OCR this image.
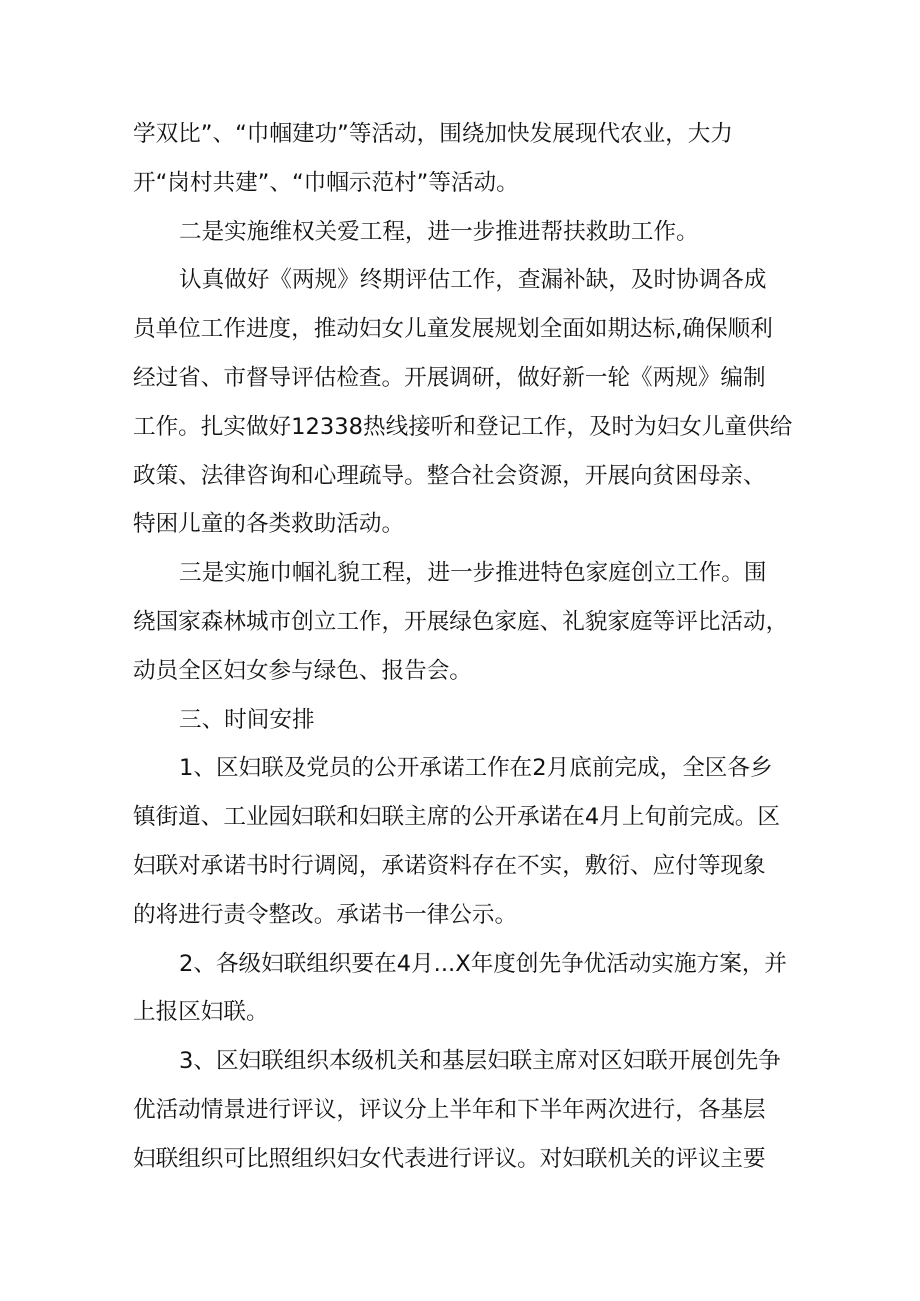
学双比”、“巾帼建功”等活动，围绕加快发展现代农业，大力
开“岗村共建”、“巾帼示范村”等活动。
二是实施维权关爱工程，进一步推进帮扶救助工作。
认真做好《两规》终期评估工作，查漏补缺，及时协调各成
员单位工作进度，推动妇女儿童发展规划全面如期达标,确保顺利
经过省、市督导评估检查。开展调研，做好新一轮《两规》编制
工作。扎实做好12338热线接听和登记工作，及时为妇女儿童供给
政策、法律咨询和心理疏导。整合社会资源，开展向贫困母亲、
特困儿童的各类救助活动。
三是实施巾帼礼貌工程，进一步推进特色家庭创立工作。围
绕国家森林城市创立工作，开展绿色家庭、礼貌家庭等评比活动，
动员全区妇女参与绿色、报告会。
三、时间安排
1、区妇联及党员的公开承诺工作在2月底前完成，全区各乡
镇街道、工业园妇联和妇联主席的公开承诺在4月上旬前完成。区
妇联对承诺书时行调阅，承诺资料存在不实，敷衍、应付等现象
的将进行责令整改。承诺书一律公示。
2、各级妇联组织要在4月...X年度创先争优活动实施方案，并
上报区妇联。
3、区妇联组织本级机关和基层妇联主席对区妇联开展创先争
优活动情景进行评议，评议分上半年和下半年两次进行，各基层
妇联组织可比照组织妇女代表进行评议。对妇联机关的评议主要
